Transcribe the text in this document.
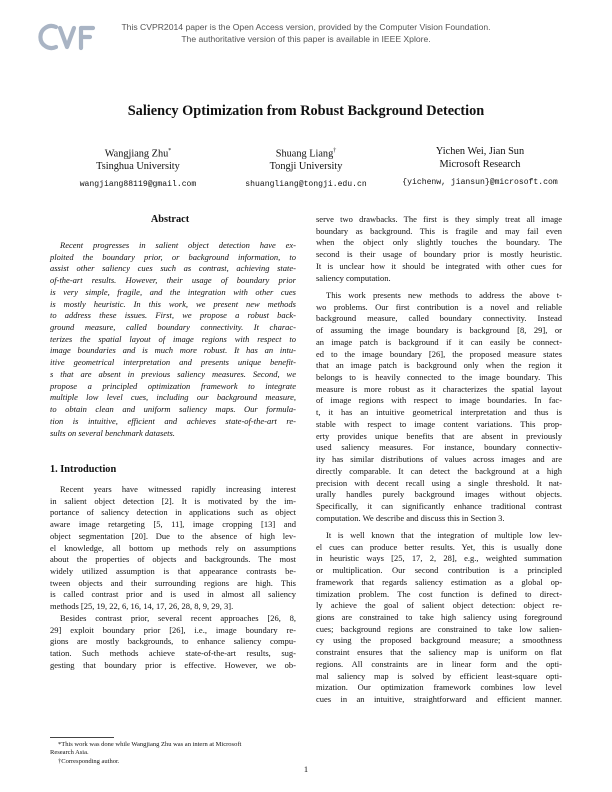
This CVPR2014 paper is the Open Access version, provided by the Computer Vision Foundation.
The authoritative version of this paper is available in IEEE Xplore.
Saliency Optimization from Robust Background Detection
Wangjiang Zhu*
Tsinghua University
wangjiang88119@gmail.com
Shuang Liang†
Tongji University
shuangliang@tongji.edu.cn
Yichen Wei, Jian Sun
Microsoft Research
{yichenw, jiansun}@microsoft.com
Abstract

Recent progresses in salient object detection have ex-

ploited the boundary prior, or background information, to

assist other saliency cues such as contrast, achieving state-

of-the-art results. However, their usage of boundary prior

is very simple, fragile, and the integration with other cues

is mostly heuristic. In this work, we present new methods

to address these issues. First, we propose a robust back-

ground measure, called boundary connectivity. It charac-

terizes the spatial layout of image regions with respect to

image boundaries and is much more robust. It has an intu-

itive geometrical interpretation and presents unique benefit-

s that are absent in previous saliency measures. Second, we

propose a principled optimization framework to integrate

multiple low level cues, including our background measure,

to obtain clean and uniform saliency maps. Our formula-

tion is intuitive, efficient and achieves state-of-the-art re-

sults on several benchmark datasets.

1. Introduction

Recent years have witnessed rapidly increasing interest

in salient object detection [2]. It is motivated by the im-

portance of saliency detection in applications such as object

aware image retargeting [5, 11], image cropping [13] and

object segmentation [20]. Due to the absence of high lev-

el knowledge, all bottom up methods rely on assumptions

about the properties of objects and backgrounds. The most

widely utilized assumption is that appearance contrasts be-

tween objects and their surrounding regions are high. This

is called contrast prior and is used in almost all saliency

methods [25, 19, 22, 6, 16, 14, 17, 26, 28, 8, 9, 29, 3].

Besides contrast prior, several recent approaches [26, 8,

29] exploit boundary prior [26], i.e., image boundary re-

gions are mostly backgrounds, to enhance saliency compu-

tation. Such methods achieve state-of-the-art results, sug-

gesting that boundary prior is effective. However, we ob-

serve two drawbacks. The first is they simply treat all image

boundary as background. This is fragile and may fail even

when the object only slightly touches the boundary. The

second is their usage of boundary prior is mostly heuristic.

It is unclear how it should be integrated with other cues for

saliency computation.

This work presents new methods to address the above t-

wo problems. Our first contribution is a novel and reliable

background measure, called boundary connectivity. Instead

of assuming the image boundary is background [8, 29], or

an image patch is background if it can easily be connect-

ed to the image boundary [26], the proposed measure states

that an image patch is background only when the region it

belongs to is heavily connected to the image boundary. This

measure is more robust as it characterizes the spatial layout

of image regions with respect to image boundaries. In fac-

t, it has an intuitive geometrical interpretation and thus is

stable with respect to image content variations. This prop-

erty provides unique benefits that are absent in previously

used saliency measures. For instance, boundary connectiv-

ity has similar distributions of values across images and are

directly comparable. It can detect the background at a high

precision with decent recall using a single threshold. It nat-

urally handles purely background images without objects.

Specifically, it can significantly enhance traditional contrast

computation. We describe and discuss this in Section 3.

It is well known that the integration of multiple low lev-

el cues can produce better results. Yet, this is usually done

in heuristic ways [25, 17, 2, 28], e.g., weighted summation

or multiplication. Our second contribution is a principled

framework that regards saliency estimation as a global op-

timization problem. The cost function is defined to direct-

ly achieve the goal of salient object detection: object re-

gions are constrained to take high saliency using foreground

cues; background regions are constrained to take low salien-

cy using the proposed background measure; a smoothness

constraint ensures that the saliency map is uniform on flat

regions. All constraints are in linear form and the opti-

mal saliency map is solved by efficient least-square opti-

mization. Our optimization framework combines low level

cues in an intuitive, straightforward and efficient manner.

*This work was done while Wangjiang Zhu was an intern at Microsoft
Research Asia.
†Corresponding author.
1
